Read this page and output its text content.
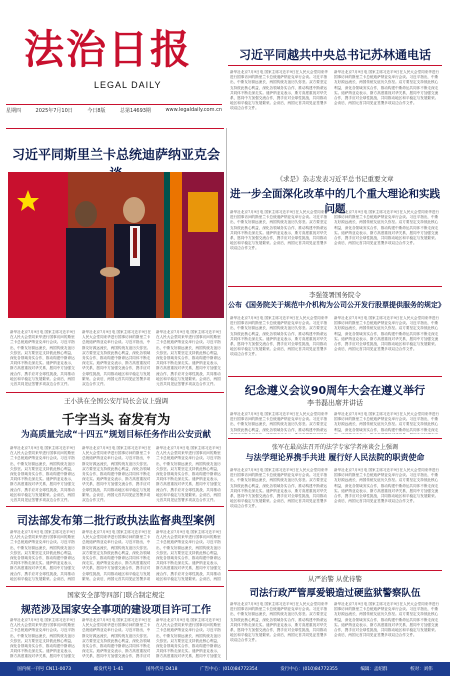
法治日报
LEGAL DAILY
星期四	2025年7月10日	今日8版	总第14693期	www.legaldaily.com.cn
习近平同越共中央总书记苏林通电话
新华社北京7月9日电 国家主席习近平9日在人民大会堂同来华进行国事访问的斯里兰卡总统迪萨纳亚克举行会谈。习近平指出，中斯友好源远流长，两国传统友谊历久弥坚。双方要坚定支持彼此核心利益，深化各领域务实合作，推动构建中斯命运共同体不断走深走实。迪萨纳亚克表示，斯方高度重视对华关系，愿同中方加强交流合作，携手应对全球性挑战，共同推动地区和平稳定与发展繁荣。会谈后，两国元首共同见证签署多项双边合作文件。
新华社北京7月9日电 国家主席习近平9日在人民大会堂同来华进行国事访问的斯里兰卡总统迪萨纳亚克举行会谈。习近平指出，中斯友好源远流长，两国传统友谊历久弥坚。双方要坚定支持彼此核心利益，深化各领域务实合作，推动构建中斯命运共同体不断走深走实。迪萨纳亚克表示，斯方高度重视对华关系，愿同中方加强交流合作，携手应对全球性挑战，共同推动地区和平稳定与发展繁荣。会谈后，两国元首共同见证签署多项双边合作文件。
习近平同斯里兰卡总统迪萨纳亚克会
新华社北京7月9日电 国家主席习近平9日在人民大会堂同来华进行国事访问的斯里兰卡总统迪萨纳亚克举行会谈。习近平指出，中斯友好源远流长，两国传统友谊历久弥坚。双方要坚定支持彼此核心利益，深化各领域务实合作，推动构建中斯命运共同体不断走深走实。迪萨纳亚克表示，斯方高度重视对华关系，愿同中方加强交流合作，携手应对全球性挑战，共同推动地区和平稳定与发展繁荣。会谈后，两国元首共同见证签署多项双边合作文件。
新华社北京7月9日电 国家主席习近平9日在人民大会堂同来华进行国事访问的斯里兰卡总统迪萨纳亚克举行会谈。习近平指出，中斯友好源远流长，两国传统友谊历久弥坚。双方要坚定支持彼此核心利益，深化各领域务实合作，推动构建中斯命运共同体不断走深走实。迪萨纳亚克表示，斯方高度重视对华关系，愿同中方加强交流合作，携手应对全球性挑战，共同推动地区和平稳定与发展繁荣。会谈后，两国元首共同见证签署多项双边合作文件。
新华社北京7月9日电 国家主席习近平9日在人民大会堂同来华进行国事访问的斯里兰卡总统迪萨纳亚克举行会谈。习近平指出，中斯友好源远流长，两国传统友谊历久弥坚。双方要坚定支持彼此核心利益，深化各领域务实合作，推动构建中斯命运共同体不断走深走实。迪萨纳亚克表示，斯方高度重视对华关系，愿同中方加强交流合作，携手应对全球性挑战，共同推动地区和平稳定与发展繁荣。会谈后，两国元首共同见证签署多项双边合作文件。
《求是》杂志发表习近平总书记重要文章
进一步全面深化改革中的几个重大理论和实践问题
新华社北京7月9日电 国家主席习近平9日在人民大会堂同来华进行国事访问的斯里兰卡总统迪萨纳亚克举行会谈。习近平指出，中斯友好源远流长，两国传统友谊历久弥坚。双方要坚定支持彼此核心利益，深化各领域务实合作，推动构建中斯命运共同体不断走深走实。迪萨纳亚克表示，斯方高度重视对华关系，愿同中方加强交流合作，携手应对全球性挑战，共同推动地区和平稳定与发展繁荣。会谈后，两国元首共同见证签署多项双边合作文件。
新华社北京7月9日电 国家主席习近平9日在人民大会堂同来华进行国事访问的斯里兰卡总统迪萨纳亚克举行会谈。习近平指出，中斯友好源远流长，两国传统友谊历久弥坚。双方要坚定支持彼此核心利益，深化各领域务实合作，推动构建中斯命运共同体不断走深走实。迪萨纳亚克表示，斯方高度重视对华关系，愿同中方加强交流合作，携手应对全球性挑战，共同推动地区和平稳定与发展繁荣。会谈后，两国元首共同见证签署多项双边合作文件。
李强签署国务院令
公布《国务院关于规范中介机构为公司公开发行股票提供服务的规定》
新华社北京7月9日电 国家主席习近平9日在人民大会堂同来华进行国事访问的斯里兰卡总统迪萨纳亚克举行会谈。习近平指出，中斯友好源远流长，两国传统友谊历久弥坚。双方要坚定支持彼此核心利益，深化各领域务实合作，推动构建中斯命运共同体不断走深走实。迪萨纳亚克表示，斯方高度重视对华关系，愿同中方加强交流合作，携手应对全球性挑战，共同推动地区和平稳定与发展繁荣。会谈后，两国元首共同见证签署多项双边合作文件。
新华社北京7月9日电 国家主席习近平9日在人民大会堂同来华进行国事访问的斯里兰卡总统迪萨纳亚克举行会谈。习近平指出，中斯友好源远流长，两国传统友谊历久弥坚。双方要坚定支持彼此核心利益，深化各领域务实合作，推动构建中斯命运共同体不断走深走实。迪萨纳亚克表示，斯方高度重视对华关系，愿同中方加强交流合作，携手应对全球性挑战，共同推动地区和平稳定与发展繁荣。会谈后，两国元首共同见证签署多项双边合作文件。
纪念遵义会议90周年大会在遵义举行
李书磊出席并讲话
王小洪在全国公安厅局长会议上强调
千字当头 奋发有为
为高质量完成“十四五”规划目标任务作出公安贡献
新华社北京7月9日电 国家主席习近平9日在人民大会堂同来华进行国事访问的斯里兰卡总统迪萨纳亚克举行会谈。习近平指出，中斯友好源远流长，两国传统友谊历久弥坚。双方要坚定支持彼此核心利益，深化各领域务实合作，推动构建中斯命运共同体不断走深走实。迪萨纳亚克表示，斯方高度重视对华关系，愿同中方加强交流合作，携手应对全球性挑战，共同推动地区和平稳定与发展繁荣。会谈后，两国元首共同见证签署多项双边合作文件。
新华社北京7月9日电 国家主席习近平9日在人民大会堂同来华进行国事访问的斯里兰卡总统迪萨纳亚克举行会谈。习近平指出，中斯友好源远流长，两国传统友谊历久弥坚。双方要坚定支持彼此核心利益，深化各领域务实合作，推动构建中斯命运共同体不断走深走实。迪萨纳亚克表示，斯方高度重视对华关系，愿同中方加强交流合作，携手应对全球性挑战，共同推动地区和平稳定与发展繁荣。会谈后，两国元首共同见证签署多项双边合作文件。
新华社北京7月9日电 国家主席习近平9日在人民大会堂同来华进行国事访问的斯里兰卡总统迪萨纳亚克举行会谈。习近平指出，中斯友好源远流长，两国传统友谊历久弥坚。双方要坚定支持彼此核心利益，深化各领域务实合作，推动构建中斯命运共同体不断走深走实。迪萨纳亚克表示，斯方高度重视对华关系，愿同中方加强交流合作，携手应对全球性挑战，共同推动地区和平稳定与发展繁荣。会谈后，两国元首共同见证签署多项双边合作文件。
新华社北京7月9日电 国家主席习近平9日在人民大会堂同来华进行国事访问的斯里兰卡总统迪萨纳亚克举行会谈。习近平指出，中斯友好源远流长，两国传统友谊历久弥坚。双方要坚定支持彼此核心利益，深化各领域务实合作，推动构建中斯命运
新华社北京7月9日电 国家主席习近平9日在人民大会堂同来华进行国事访问的斯里兰卡总统迪萨纳亚克举行会谈。习近平指出，中斯友好源远流长，两国传统友谊历久弥坚。双方要坚定支持彼此核心利益，深化各领域务实合作，推动构建中斯命运共同体不断走深走
张军在最高法召开的法学专家学者座谈会上强调
与法学理论界携手共进 履行好人民法院的职责使命
新华社北京7月9日电 国家主席习近平9日在人民大会堂同来华进行国事访问的斯里兰卡总统迪萨纳亚克举行会谈。习近平指出，中斯友好源远流长，两国传统友谊历久弥坚。双方要坚定支持彼此核心利益，深化各领域务实合作，推动构建中斯命运共同体不断走深走实。迪萨纳亚克表示，斯方高度重视对华关系，愿同中方加强交流合作，携手应对全球性挑战，共同推动地区和平稳定与发展繁荣。会谈后，两国元首共同见证签署多项双边合作文件。
新华社北京7月9日电 国家主席习近平9日在人民大会堂同来华进行国事访问的斯里兰卡总统迪萨纳亚克举行会谈。习近平指出，中斯友好源远流长，两国传统友谊历久弥坚。双方要坚定支持彼此核心利益，深化各领域务实合作，推动构建中斯命运共同体不断走深走实。迪萨纳亚克表示，斯方高度重视对华关系，愿同中方加强交流合作，携手应对全球性挑战，共同推动地区和平稳定与发展繁荣。会谈后，两国元首共同见证签署多项双边合作文件。
司法部发布第二批行政执法监督典型案例
新华社北京7月9日电 国家主席习近平9日在人民大会堂同来华进行国事访问的斯里兰卡总统迪萨纳亚克举行会谈。习近平指出，中斯友好源远流长，两国传统友谊历久弥坚。双方要坚定支持彼此核心利益，深化各领域务实合作，推动构建中斯命运共同体不断走深走实。迪萨纳亚克表示，斯方高度重视对华关系，愿同中方加强交流合作，携手应对全球性挑战，共同推动地区和平稳定与发展繁荣。会谈后，两国
新华社北京7月9日电 国家主席习近平9日在人民大会堂同来华进行国事访问的斯里兰卡总统迪萨纳亚克举行会谈。习近平指出，中斯友好源远流长，两国传统友谊历久弥坚。双方要坚定支持彼此核心利益，深化各领域务实合作，推动构建中斯命运共同体不断走深走实。迪萨纳亚克表示，斯方高度重视对华关系，愿同中方加强交流合作，携手应对全球性挑战，共同推动地区和平稳定与发展繁荣。会谈后，两国元首共同见证签署多项
新华社北京7月9日电 国家主席习近平9日在人民大会堂同来华进行国事访问的斯里兰卡总统迪萨纳亚克举行会谈。习近平指出，中斯友好源远流长，两国传统友谊历久弥坚。双方要坚定支持彼此核心利益，深化各领域务实合作，推动构建中斯命运共同体不断走深走实。迪萨纳亚克表示，斯方高度重视对华关系，愿同中方加强交流合作，携手应对全球性挑战，共同推动地区和平稳定与发展繁荣。会谈后，两国
国家安全部等四部门联合制定规定
规范涉及国家安全事项的建设项目许可工作
新华社北京7月9日电 国家主席习近平9日在人民大会堂同来华进行国事访问的斯里兰卡总统迪萨纳亚克举行会谈。习近平指出，中斯友好源远流长，两国传统友谊历久弥坚。双方要坚定支持彼此核心利益，深化各领域务实合作，推动构建中斯命运共同体不断走深走实。迪萨纳亚克表示，斯方高度重视对华关系，愿同中方加强交
新华社北京7月9日电 国家主席习近平9日在人民大会堂同来华进行国事访问的斯里兰卡总统迪萨纳亚克举行会谈。习近平指出，中斯友好源远流长，两国传统友谊历久弥坚。双方要坚定支持彼此核心利益，深化各领域务实合作，推动构建中斯命运共同体不断走深走实。迪萨纳亚克表示，斯方高度重视对华关系，愿同中方加强交流合作，携手应对
新华社北京7月9日电 国家主席习近平9日在人民大会堂同来华进行国事访问的斯里兰卡总统迪萨纳亚克举行会谈。习近平指出，中斯友好源远流长，两国传统友谊历久弥坚。双方要坚定支持彼此核心利益，深化各领域务实合作，推动构建中斯命运共同体不断走深走实。迪萨纳亚克表示，斯方高度重视对华关系，愿同中方加强交
从严治警 从优待警
司法行政严管厚爱锻造过硬监狱警察队伍
新华社北京7月9日电 国家主席习近平9日在人民大会堂同来华进行国事访问的斯里兰卡总统迪萨纳亚克举行会谈。习近平指出，中斯友好源远流长，两国传统友谊历久弥坚。双方要坚定支持彼此核心利益，深化各领域务实合作，推动构建中斯命运共同体不断走深走实。迪萨纳亚克表示，斯方高度重视对华关系，愿同中方加强交流合作，携手应对全球性挑战，共同推动地区和平稳定与发展繁荣。会谈后，两国元首共同见证签署多项双边合作文件。
新华社北京7月9日电 国家主席习近平9日在人民大会堂同来华进行国事访问的斯里兰卡总统迪萨纳亚克举行会谈。习近平指出，中斯友好源远流长，两国传统友谊历久弥坚。双方要坚定支持彼此核心利益，深化各领域务实合作，推动构建中斯命运共同体不断走深走实。迪萨纳亚克表示，斯方高度重视对华关系，愿同中方加强交流合作，携手应对全球性挑战，共同推动地区和平稳定与发展繁荣。会谈后，两国元首共同见证签署多项双边合作文件。
国内统一刊号 CN11-0073	邮发代号 1-41	国外代号 D418	广告中心：(010)84772354	发行中心：(010)84772355	编辑：孟绍群	校对：刘伟
